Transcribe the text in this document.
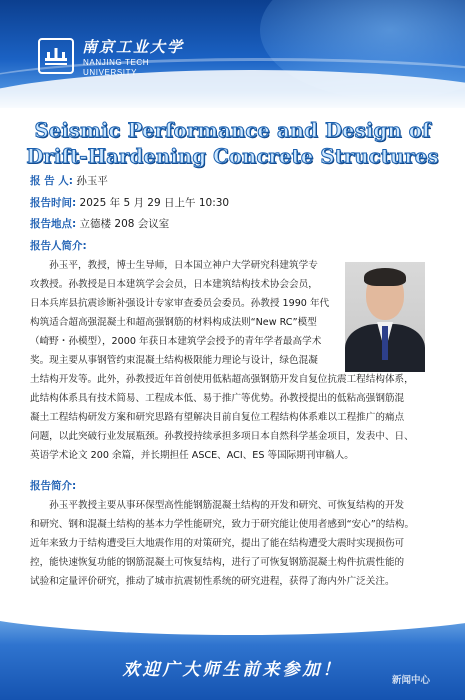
南京工业大学
NANJING TECH
UNIVERSITY
Seismic Performance and Design of
Drift-Hardening Concrete Structures
报 告 人: 孙玉平
报告时间: 2025 年 5 月 29 日上午 10:30
报告地点: 立德楼 208 会议室
报告人简介:
　　孙玉平，教授，博士生导师，日本国立神户大学研究科建筑学专
攻教授。孙教授是日本建筑学会会员，日本建筑结构技术协会会员，
日本兵库县抗震诊断补强设计专家审查委员会委员。孙教授 1990 年代
构筑适合超高强混凝土和超高强钢筋的材料构成法则“New RC”模型
（崎野・孙模型），2000 年获日本建筑学会授予的青年学者最高学术
奖。现主要从事钢管约束混凝土结构极限能力理论与设计，绿色混凝
土结构开发等。此外，孙教授近年首创使用低粘超高强钢筋开发自复位抗震工程结构体系，
此结构体系具有技术简易、工程成本低、易于推广等优势。孙教授提出的低粘高强钢筋混
凝土工程结构研发方案和研究思路有望解决目前自复位工程结构体系难以工程推广的痛点
问题，以此突破行业发展瓶颈。孙教授持续承担多项日本自然科学基金项目，发表中、日、
英语学术论文 200 余篇，并长期担任 ASCE、ACI、ES 等国际期刊审稿人。
报告简介:
　　孙玉平教授主要从事环保型高性能钢筋混凝土结构的开发和研究、可恢复结构的开发
和研究、钢和混凝土结构的基本力学性能研究，致力于研究能让使用者感到“安心”的结构。
近年来致力于结构遭受巨大地震作用的对策研究，提出了能在结构遭受大震时实现损伤可
控，能快速恢复功能的钢筋混凝土可恢复结构，进行了可恢复钢筋混凝土构件抗震性能的
试验和定量评价研究，推动了城市抗震韧性系统的研究进程，获得了海内外广泛关注。
欢迎广大师生前来参加！
新闻中心
